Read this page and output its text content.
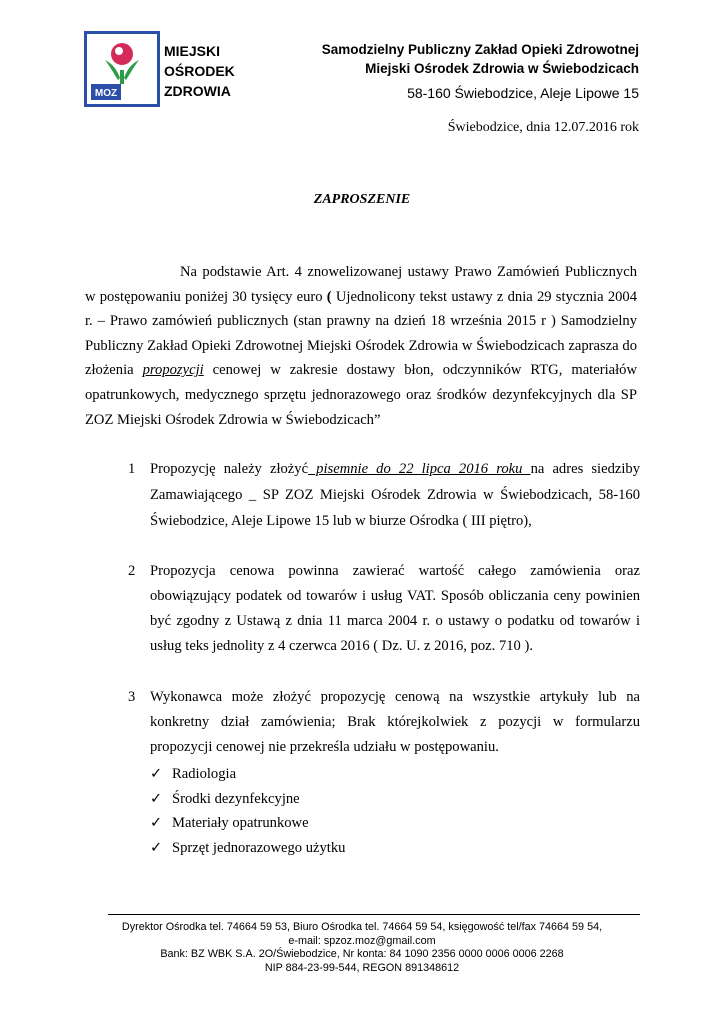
MOZ
MIEJSKI
OŚRODEK
ZDROWIA
Samodzielny Publiczny Zakład Opieki Zdrowotnej
Miejski Ośrodek Zdrowia w Świebodzicach
58-160 Świebodzice, Aleje Lipowe 15
Świebodzice, dnia 12.07.2016 rok
ZAPROSZENIE
Na podstawie Art. 4 znowelizowanej ustawy Prawo Zamówień Publicznych w postępowaniu poniżej 30 tysięcy euro ( Ujednolicony tekst ustawy z dnia 29 stycznia 2004 r. – Prawo zamówień publicznych (stan prawny na dzień 18 września 2015 r ) Samodzielny Publiczny Zakład Opieki Zdrowotnej Miejski Ośrodek Zdrowia w Świebodzicach zaprasza do złożenia propozycji cenowej w zakresie dostawy błon, odczynników RTG, materiałów opatrunkowych, medycznego sprzętu jednorazowego oraz środków dezynfekcyjnych dla SP ZOZ Miejski Ośrodek Zdrowia w Świebodzicach”
1 Propozycję należy złożyć pisemnie do 22 lipca 2016 roku na adres siedziby Zamawiającego _ SP ZOZ Miejski Ośrodek Zdrowia w Świebodzicach, 58-160 Świebodzice, Aleje Lipowe 15 lub w biurze Ośrodka ( III piętro),
2 Propozycja cenowa powinna zawierać wartość całego zamówienia oraz obowiązujący podatek od towarów i usług VAT. Sposób obliczania ceny powinien być zgodny z Ustawą z dnia 11 marca 2004 r. o ustawy o podatku od towarów i usług teks jednolity z 4 czerwca 2016 ( Dz. U. z 2016, poz. 710 ).
3 Wykonawca może złożyć propozycję cenową na wszystkie artykuły lub na konkretny dział zamówienia; Brak którejkolwiek z pozycji w formularzu propozycji cenowej nie przekreśla udziału w postępowaniu.
✓ Radiologia
✓ Środki dezynfekcyjne
✓ Materiały opatrunkowe
✓ Sprzęt jednorazowego użytku
Dyrektor Ośrodka tel. 74664 59 53, Biuro Ośrodka tel. 74664 59 54, księgowość tel/fax 74664 59 54,
e-mail: spzoz.moz@gmail.com
Bank: BZ WBK S.A. 2O/Świebodzice, Nr konta: 84 1090 2356 0000 0006 0006 2268
NIP 884-23-99-544, REGON 891348612
